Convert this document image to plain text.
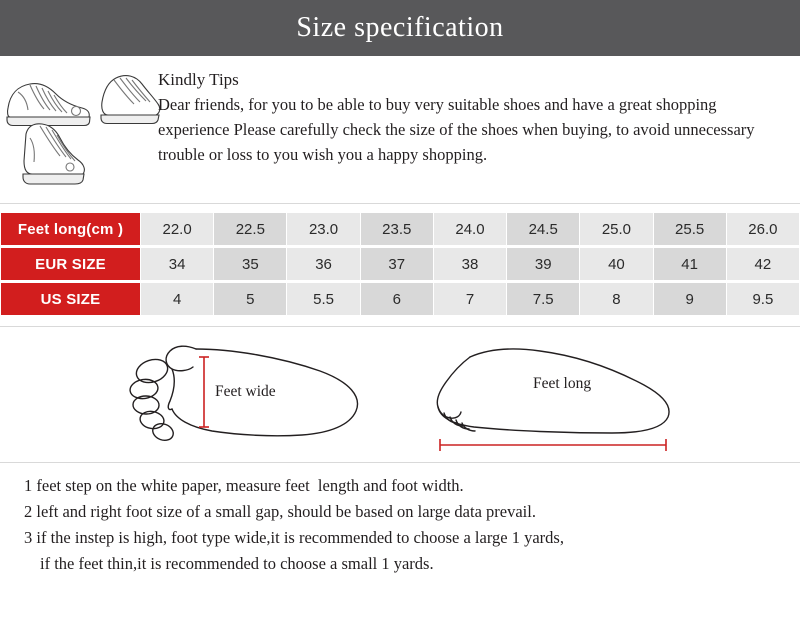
Size specification
Kindly Tips
Dear friends, for you to be able to buy very suitable shoes and have a great shopping experience Please carefully check the size of the shoes when buying, to avoid unnecessary trouble or loss to you wish you a happy shopping.
Feet long(cm )	22.0	22.5	23.0	23.5	24.0	24.5	25.0	25.5	26.0
EUR SIZE	34	35	36	37	38	39	40	41	42
US SIZE	4	5	5.5	6	7	7.5	8	9	9.5
Feet wide	Feet long
1 feet step on the white paper, measure feet  length and foot width.
2 left and right foot size of a small gap, should be based on large data prevail.
3 if the instep is high, foot type wide,it is recommended to choose a large 1 yards,
if the feet thin,it is recommended to choose a small 1 yards.
